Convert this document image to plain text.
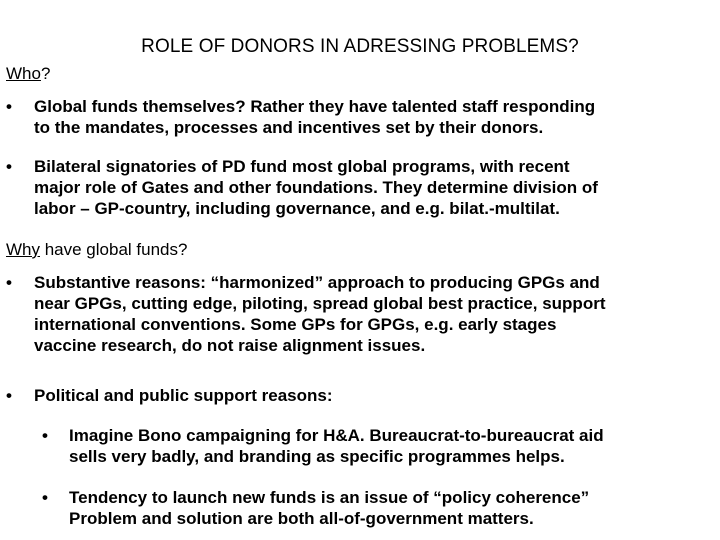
ROLE OF DONORS IN ADRESSING PROBLEMS?
Who?
• Global funds themselves? Rather they have talented staff responding
to the mandates, processes and incentives set by their donors.
• Bilateral signatories of PD fund most global programs, with recent
major role of Gates and other foundations. They determine division of
labor – GP-country, including governance, and e.g. bilat.-multilat.
Why have global funds?
• Substantive reasons: “harmonized” approach to producing GPGs and
near GPGs, cutting edge, piloting, spread global best practice, support
international conventions. Some GPs for GPGs, e.g. early stages
vaccine research, do not raise alignment issues.
• Political and public support reasons:
• Imagine Bono campaigning for H&A. Bureaucrat-to-bureaucrat aid
sells very badly, and branding as specific programmes helps.
• Tendency to launch new funds is an issue of “policy coherence”
Problem and solution are both all-of-government matters.
